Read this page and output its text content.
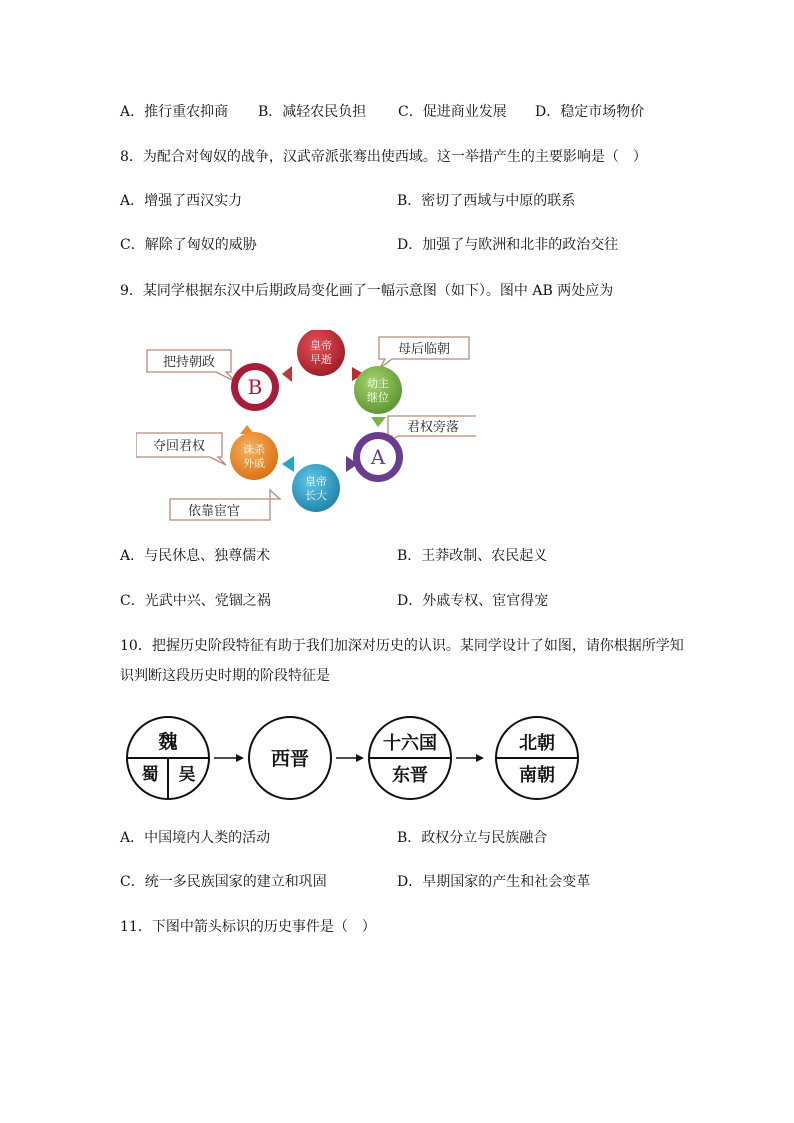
A．推行重农抑商 B．减轻农民负担 C．促进商业发展 D．稳定市场物价
8．为配合对匈奴的战争，汉武帝派张骞出使西域。这一举措产生的主要影响是（　）
A．增强了西汉实力	B．密切了西域与中原的联系
C．解除了匈奴的威胁	D．加强了与欧洲和北非的政治交往
9．某同学根据东汉中后期政局变化画了一幅示意图（如下）。图中 AB 两处应为
把持朝政
母后临朝
君权旁落
夺回君权
依靠宦官
皇帝
早逝
幼主
继位
A
皇帝
长大
诛杀
外戚
B
A．与民休息、独尊儒术	B．王莽改制、农民起义
C．光武中兴、党锢之祸	D．外戚专权、宦官得宠
10．把握历史阶段特征有助于我们加深对历史的认识。某同学设计了如图，请你根据所学知
识判断这段历史时期的阶段特征是
魏
蜀 吴
西晋
十六国
东晋
北朝
南朝
A．中国境内人类的活动	B．政权分立与民族融合
C．统一多民族国家的建立和巩固	D．早期国家的产生和社会变革
11．下图中箭头标识的历史事件是（　）
